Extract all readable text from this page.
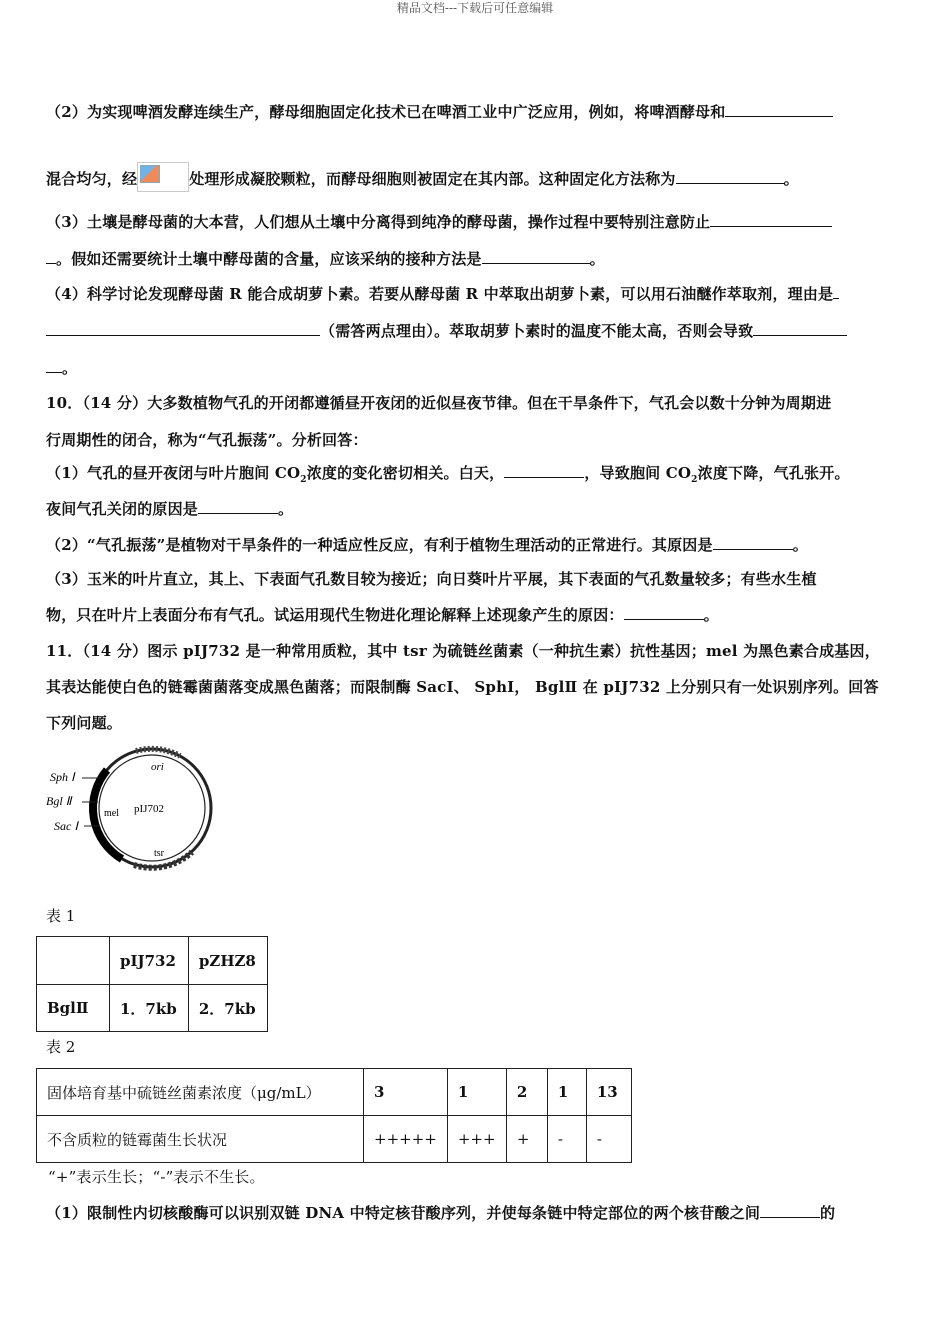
精品文档---下载后可任意编辑
（2）为实现啤酒发酵连续生产，酵母细胞固定化技术已在啤酒工业中广泛应用，例如，将啤酒酵母和
混合均匀，经	处理形成凝胶颗粒，而酵母细胞则被固定在其内部。这种固定化方法称为	。
（3）土壤是酵母菌的大本营，人们想从土壤中分离得到纯净的酵母菌，操作过程中要特别注意防止
。假如还需要统计土壤中酵母菌的含量，应该采纳的接种方法是	。
（4）科学讨论发现酵母菌 R 能合成胡萝卜素。若要从酵母菌 R 中萃取出胡萝卜素，可以用石油醚作萃取剂，理由是
（需答两点理由）。萃取胡萝卜素时的温度不能太高，否则会导致
。
10．（14 分）大多数植物气孔的开闭都遵循昼开夜闭的近似昼夜节律。但在干旱条件下，气孔会以数十分钟为周期进
行周期性的闭合，称为“气孔振荡”。分析回答：
（1）气孔的昼开夜闭与叶片胞间 $CO_2$浓度的变化密切相关。白天，	，导致胞间 $CO_2$浓度下降，气孔张开。
夜间气孔关闭的原因是	。
（2）“气孔振荡”是植物对干旱条件的一种适应性反应，有利于植物生理活动的正常进行。其原因是	。
（3）玉米的叶片直立，其上、下表面气孔数目较为接近；向日葵叶片平展，其下表面的气孔数量较多；有些水生植
物，只在叶片上表面分布有气孔。试运用现代生物进化理论解释上述现象产生的原因：	。
11．（14 分）图示 pIJ732 是一种常用质粒，其中 tsr 为硫链丝菌素（一种抗生素）抗性基因；mel 为黑色素合成基因，
其表达能使白色的链霉菌菌落变成黑色菌落；而限制酶 SacⅠ、 SphⅠ， BglⅡ 在 pIJ732 上分别只有一处识别序列。回答
下列问题。
Sph Ⅰ
Bgl Ⅱ
Sac Ⅰ
ori
mel pIJ702
tsr
表 1
	pIJ732	pZHZ8
BglⅡ	1．7kb	2．7kb
表 2
固体培育基中硫链丝菌素浓度（μg/mL）	3	1	2	1	13
不含质粒的链霉菌生长状况	+++++	+++	+	-	-
“+”表示生长；“-”表示不生长。
（1）限制性内切核酸酶可以识别双链 DNA 中特定核苷酸序列，并使每条链中特定部位的两个核苷酸之间	的
